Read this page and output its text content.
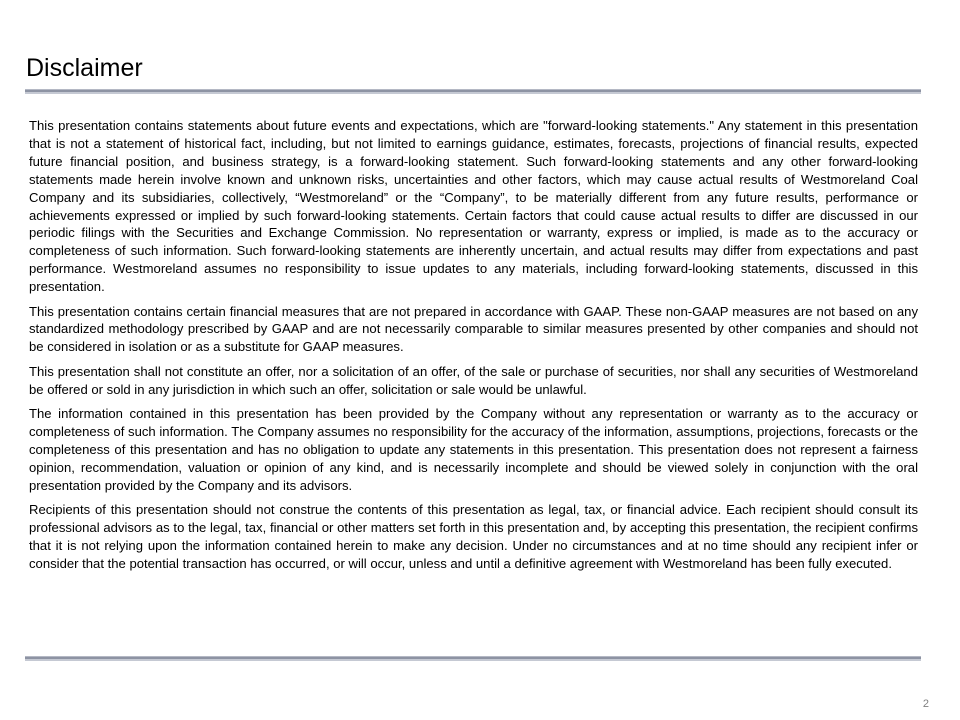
Disclaimer

This presentation contains statements about future events and expectations, which are "forward-looking statements." Any statement in this presentation that is not a statement of historical fact, including, but not limited to earnings guidance, estimates, forecasts, projections of financial results, expected future financial position, and business strategy, is a forward-looking statement. Such forward-looking statements and any other forward-looking statements made herein involve known and unknown risks, uncertainties and other factors, which may cause actual results of Westmoreland Coal Company and its subsidiaries, collectively, “Westmoreland” or the “Company”, to be materially different from any future results, performance or achievements expressed or implied by such forward-looking statements. Certain factors that could cause actual results to differ are discussed in our periodic filings with the Securities and Exchange Commission. No representation or warranty, express or implied, is made as to the accuracy or completeness of such information. Such forward-looking statements are inherently uncertain, and actual results may differ from expectations and past performance. Westmoreland assumes no responsibility to issue updates to any materials, including forward-looking statements, discussed in this presentation.

This presentation contains certain financial measures that are not prepared in accordance with GAAP. These non-GAAP measures are not based on any standardized methodology prescribed by GAAP and are not necessarily comparable to similar measures presented by other companies and should not be considered in isolation or as a substitute for GAAP measures.

This presentation shall not constitute an offer, nor a solicitation of an offer, of the sale or purchase of securities, nor shall any securities of Westmoreland be offered or sold in any jurisdiction in which such an offer, solicitation or sale would be unlawful.

The information contained in this presentation has been provided by the Company without any representation or warranty as to the accuracy or completeness of such information. The Company assumes no responsibility for the accuracy of the information, assumptions, projections, forecasts or the completeness of this presentation and has no obligation to update any statements in this presentation. This presentation does not represent a fairness opinion, recommendation, valuation or opinion of any kind, and is necessarily incomplete and should be viewed solely in conjunction with the oral presentation provided by the Company and its advisors.

Recipients of this presentation should not construe the contents of this presentation as legal, tax, or financial advice. Each recipient should consult its professional advisors as to the legal, tax, financial or other matters set forth in this presentation and, by accepting this presentation, the recipient confirms that it is not relying upon the information contained herein to make any decision. Under no circumstances and at no time should any recipient infer or consider that the potential transaction has occurred, or will occur, unless and until a definitive agreement with Westmoreland has been fully executed.

2
